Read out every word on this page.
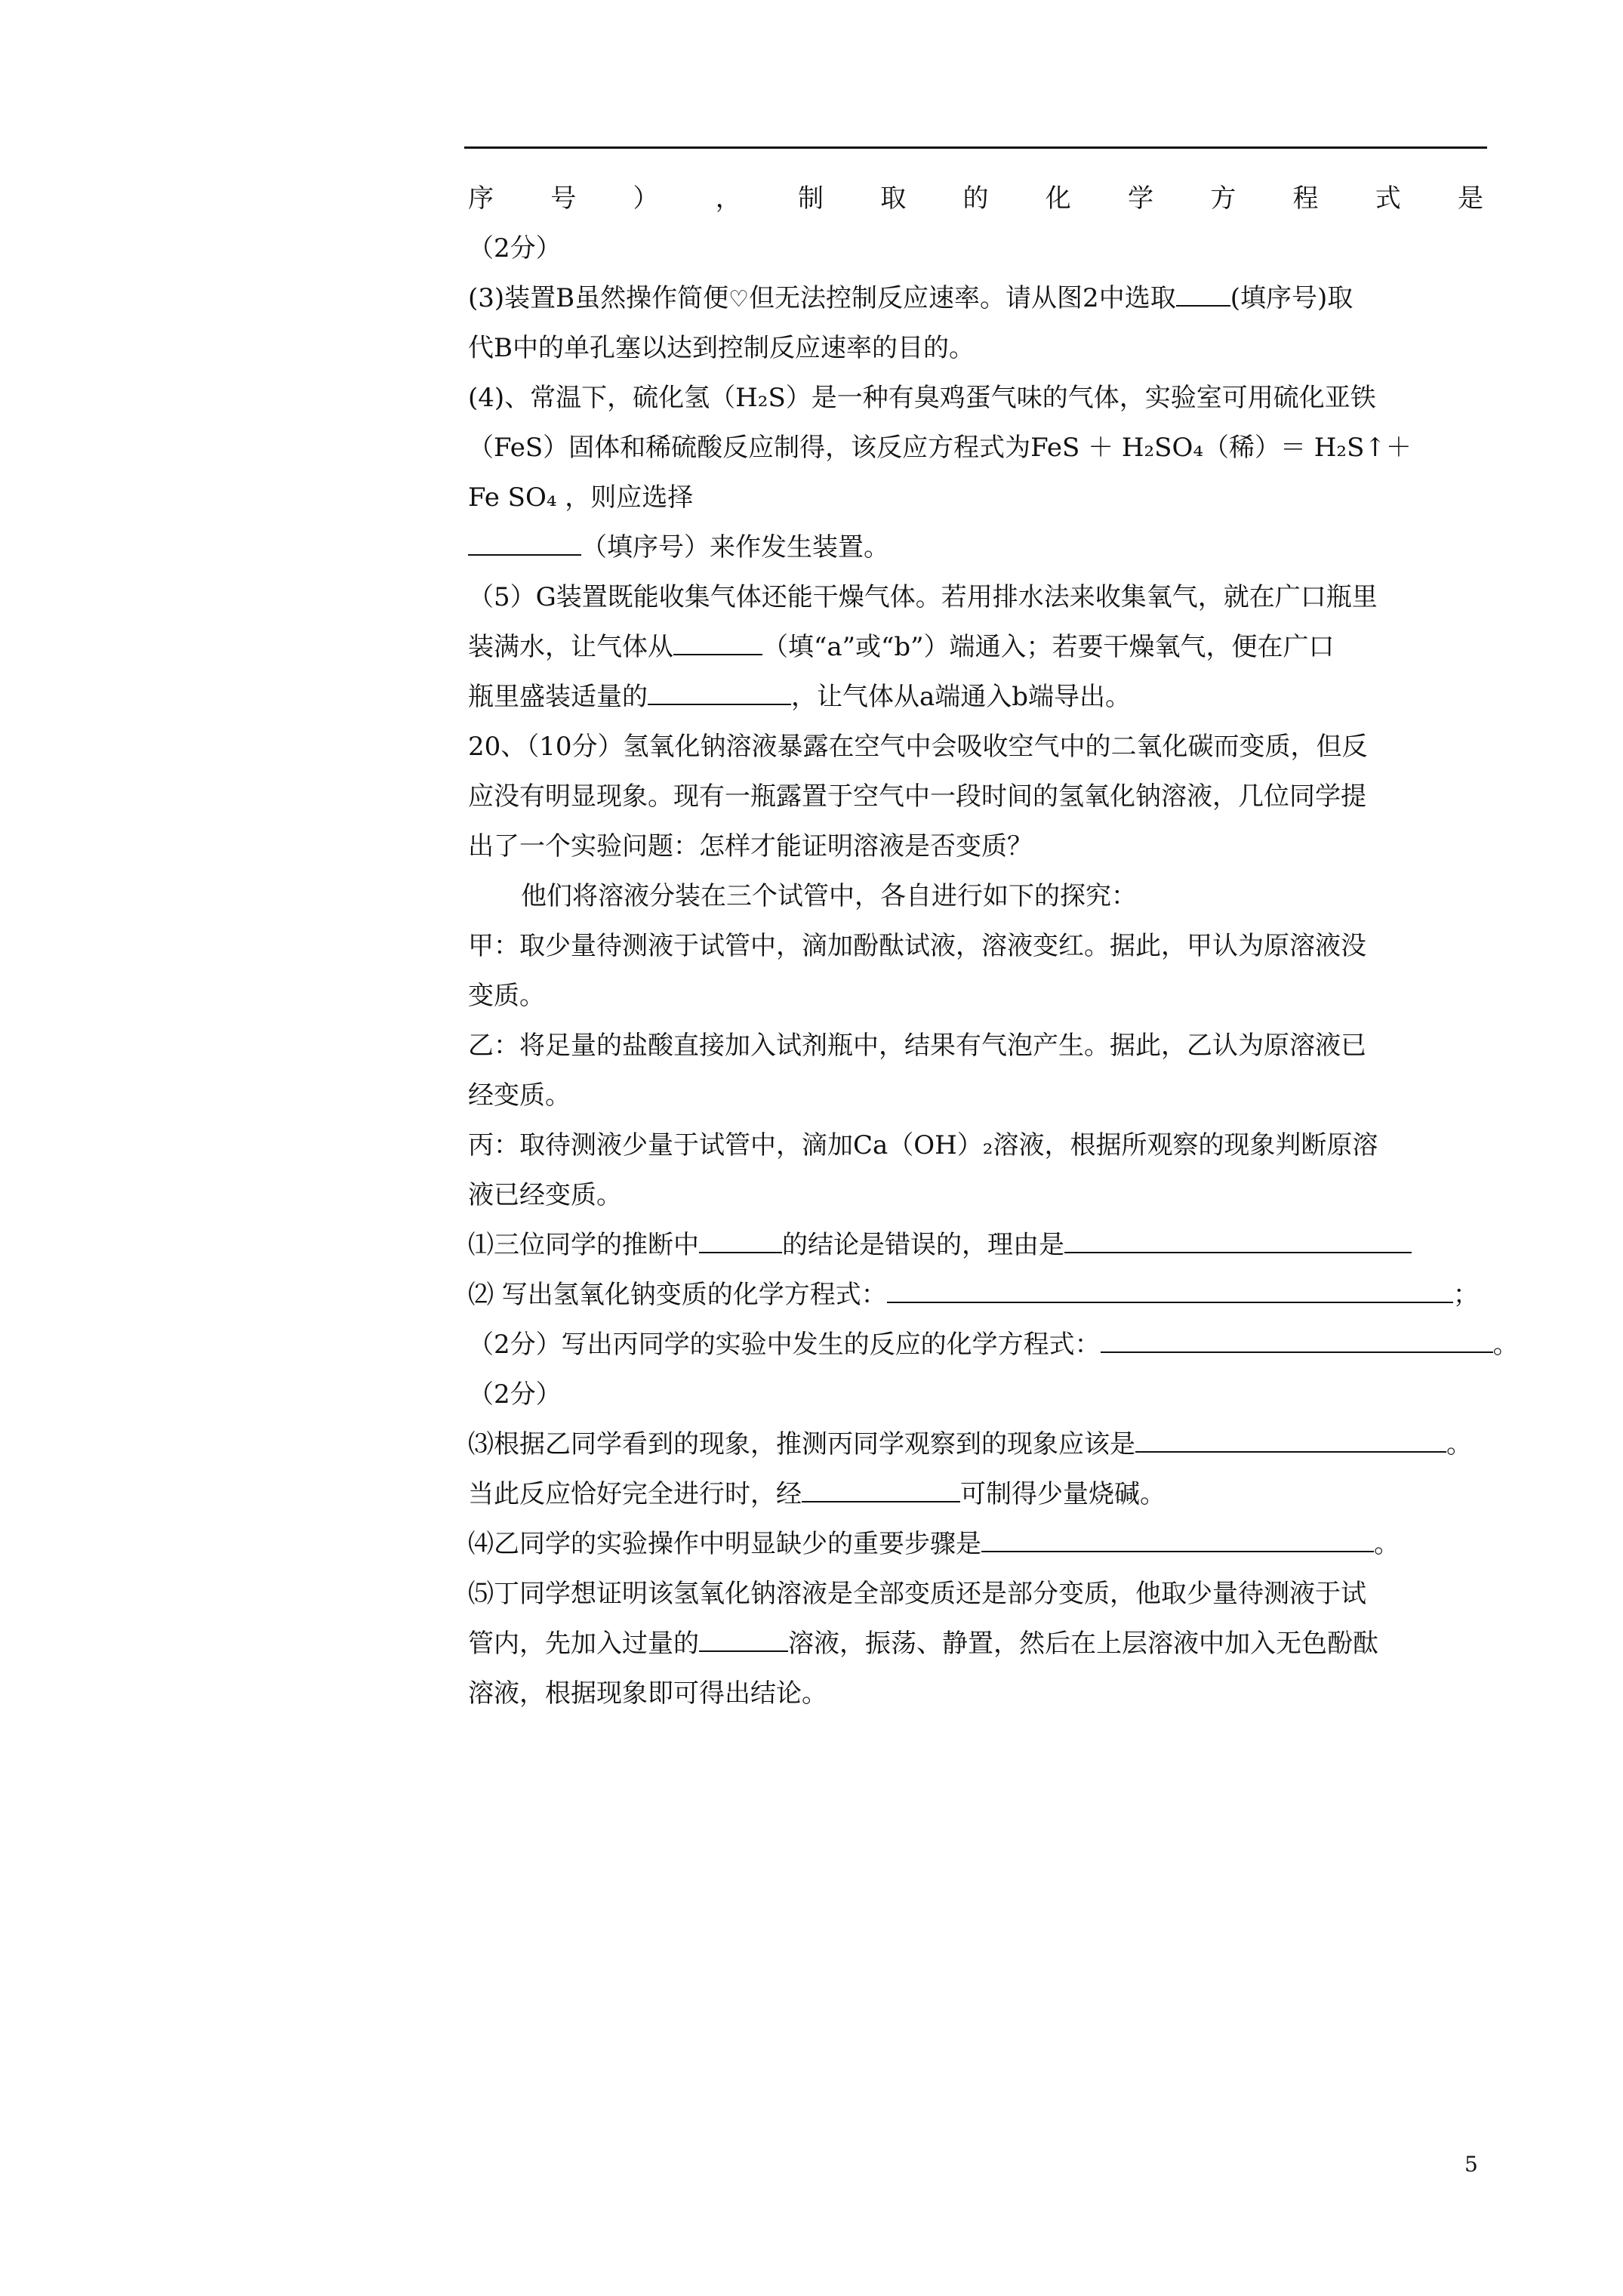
序 号 ） ， 制 取 的 化 学 方 程 式 是
（2分）
(3)装置B虽然操作简便♡但无法控制反应速率。请从图2中选取 (填序号)取
代B中的单孔塞以达到控制反应速率的目的。
(4)、常温下，硫化氢（H₂S）是一种有臭鸡蛋气味的气体，实验室可用硫化亚铁
（FeS）固体和稀硫酸反应制得，该反应方程式为FeS ＋ H₂SO₄（稀）＝ H₂S↑＋
Fe SO₄ ，则应选择
（填序号）来作发生装置。
（5）G装置既能收集气体还能干燥气体。若用排水法来收集氧气，就在广口瓶里
装满水，让气体从	（填“a”或“b”）端通入；若要干燥氧气，便在广口
瓶里盛装适量的	，让气体从a端通入b端导出。
20、（10分）氢氧化钠溶液暴露在空气中会吸收空气中的二氧化碳而变质，但反
应没有明显现象。现有一瓶露置于空气中一段时间的氢氧化钠溶液，几位同学提
出了一个实验问题：怎样才能证明溶液是否变质？
他们将溶液分装在三个试管中，各自进行如下的探究：
甲：取少量待测液于试管中，滴加酚酞试液，溶液变红。据此，甲认为原溶液没
变质。
乙：将足量的盐酸直接加入试剂瓶中，结果有气泡产生。据此，乙认为原溶液已
经变质。
丙：取待测液少量于试管中，滴加Ca（OH）₂溶液，根据所观察的现象判断原溶
液已经变质。
⑴三位同学的推断中	的结论是错误的，理由是
⑵ 写出氢氧化钠变质的化学方程式：	；
（2分）写出丙同学的实验中发生的反应的化学方程式：	。
（2分）
⑶根据乙同学看到的现象，推测丙同学观察到的现象应该是	。
当此反应恰好完全进行时，经	可制得少量烧碱。
⑷乙同学的实验操作中明显缺少的重要步骤是	。
⑸丁同学想证明该氢氧化钠溶液是全部变质还是部分变质，他取少量待测液于试
管内，先加入过量的	溶液，振荡、静置，然后在上层溶液中加入无色酚酞
溶液，根据现象即可得出结论。
5
